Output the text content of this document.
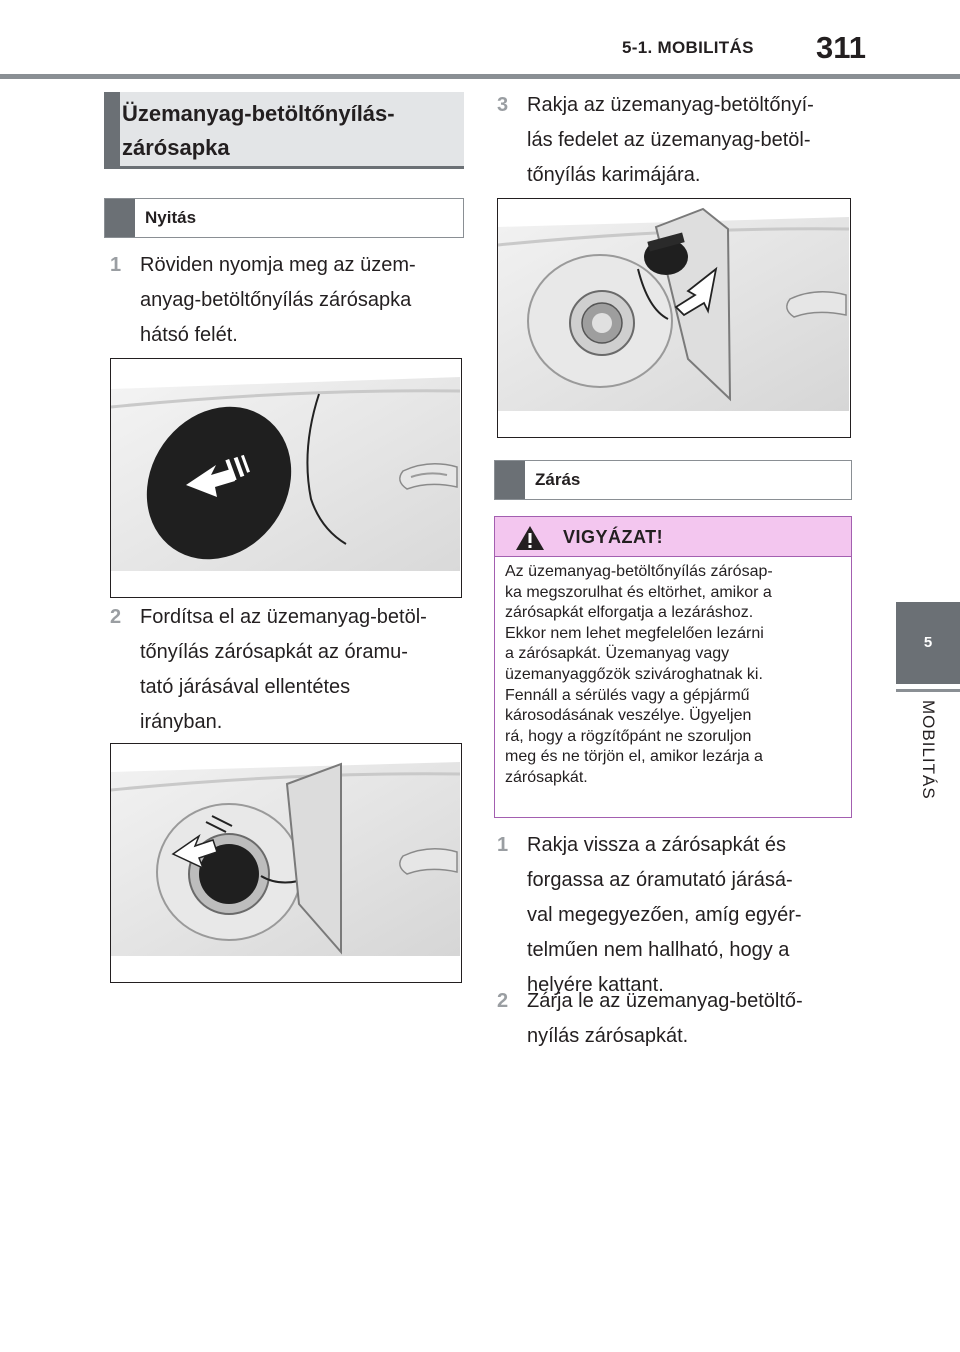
5-1. MOBILITÁS 311
5
MOBILITÁS
Üzemanyag-betöltőnyílás-
zárósapka
Nyitás
1 Röviden nyomja meg az üzem-
anyag-betöltőnyílás zárósapka
hátsó felét.
2 Fordítsa el az üzemanyag-betöl-
tőnyílás zárósapkát az óramu-
tató járásával ellentétes
irányban.
3 Rakja az üzemanyag-betöltőnyí-
lás fedelet az üzemanyag-betöl-
tőnyílás karimájára.
Zárás
VIGYÁZAT!
Az üzemanyag-betöltőnyílás zárósap-
ka megszorulhat és eltörhet, amikor a
zárósapkát elforgatja a lezáráshoz.
Ekkor nem lehet megfelelően lezárni
a zárósapkát. Üzemanyag vagy
üzemanyaggőzök szivároghatnak ki.
Fennáll a sérülés vagy a gépjármű
károsodásának veszélye. Ügyeljen
rá, hogy a rögzítőpánt ne szoruljon
meg és ne törjön el, amikor lezárja a
zárósapkát.
1 Rakja vissza a zárósapkát és
forgassa az óramutató járásá-
val megegyezően, amíg egyér-
telműen nem hallható, hogy a
helyére kattant.
2 Zárja le az üzemanyag-betöltő-
nyílás zárósapkát.
